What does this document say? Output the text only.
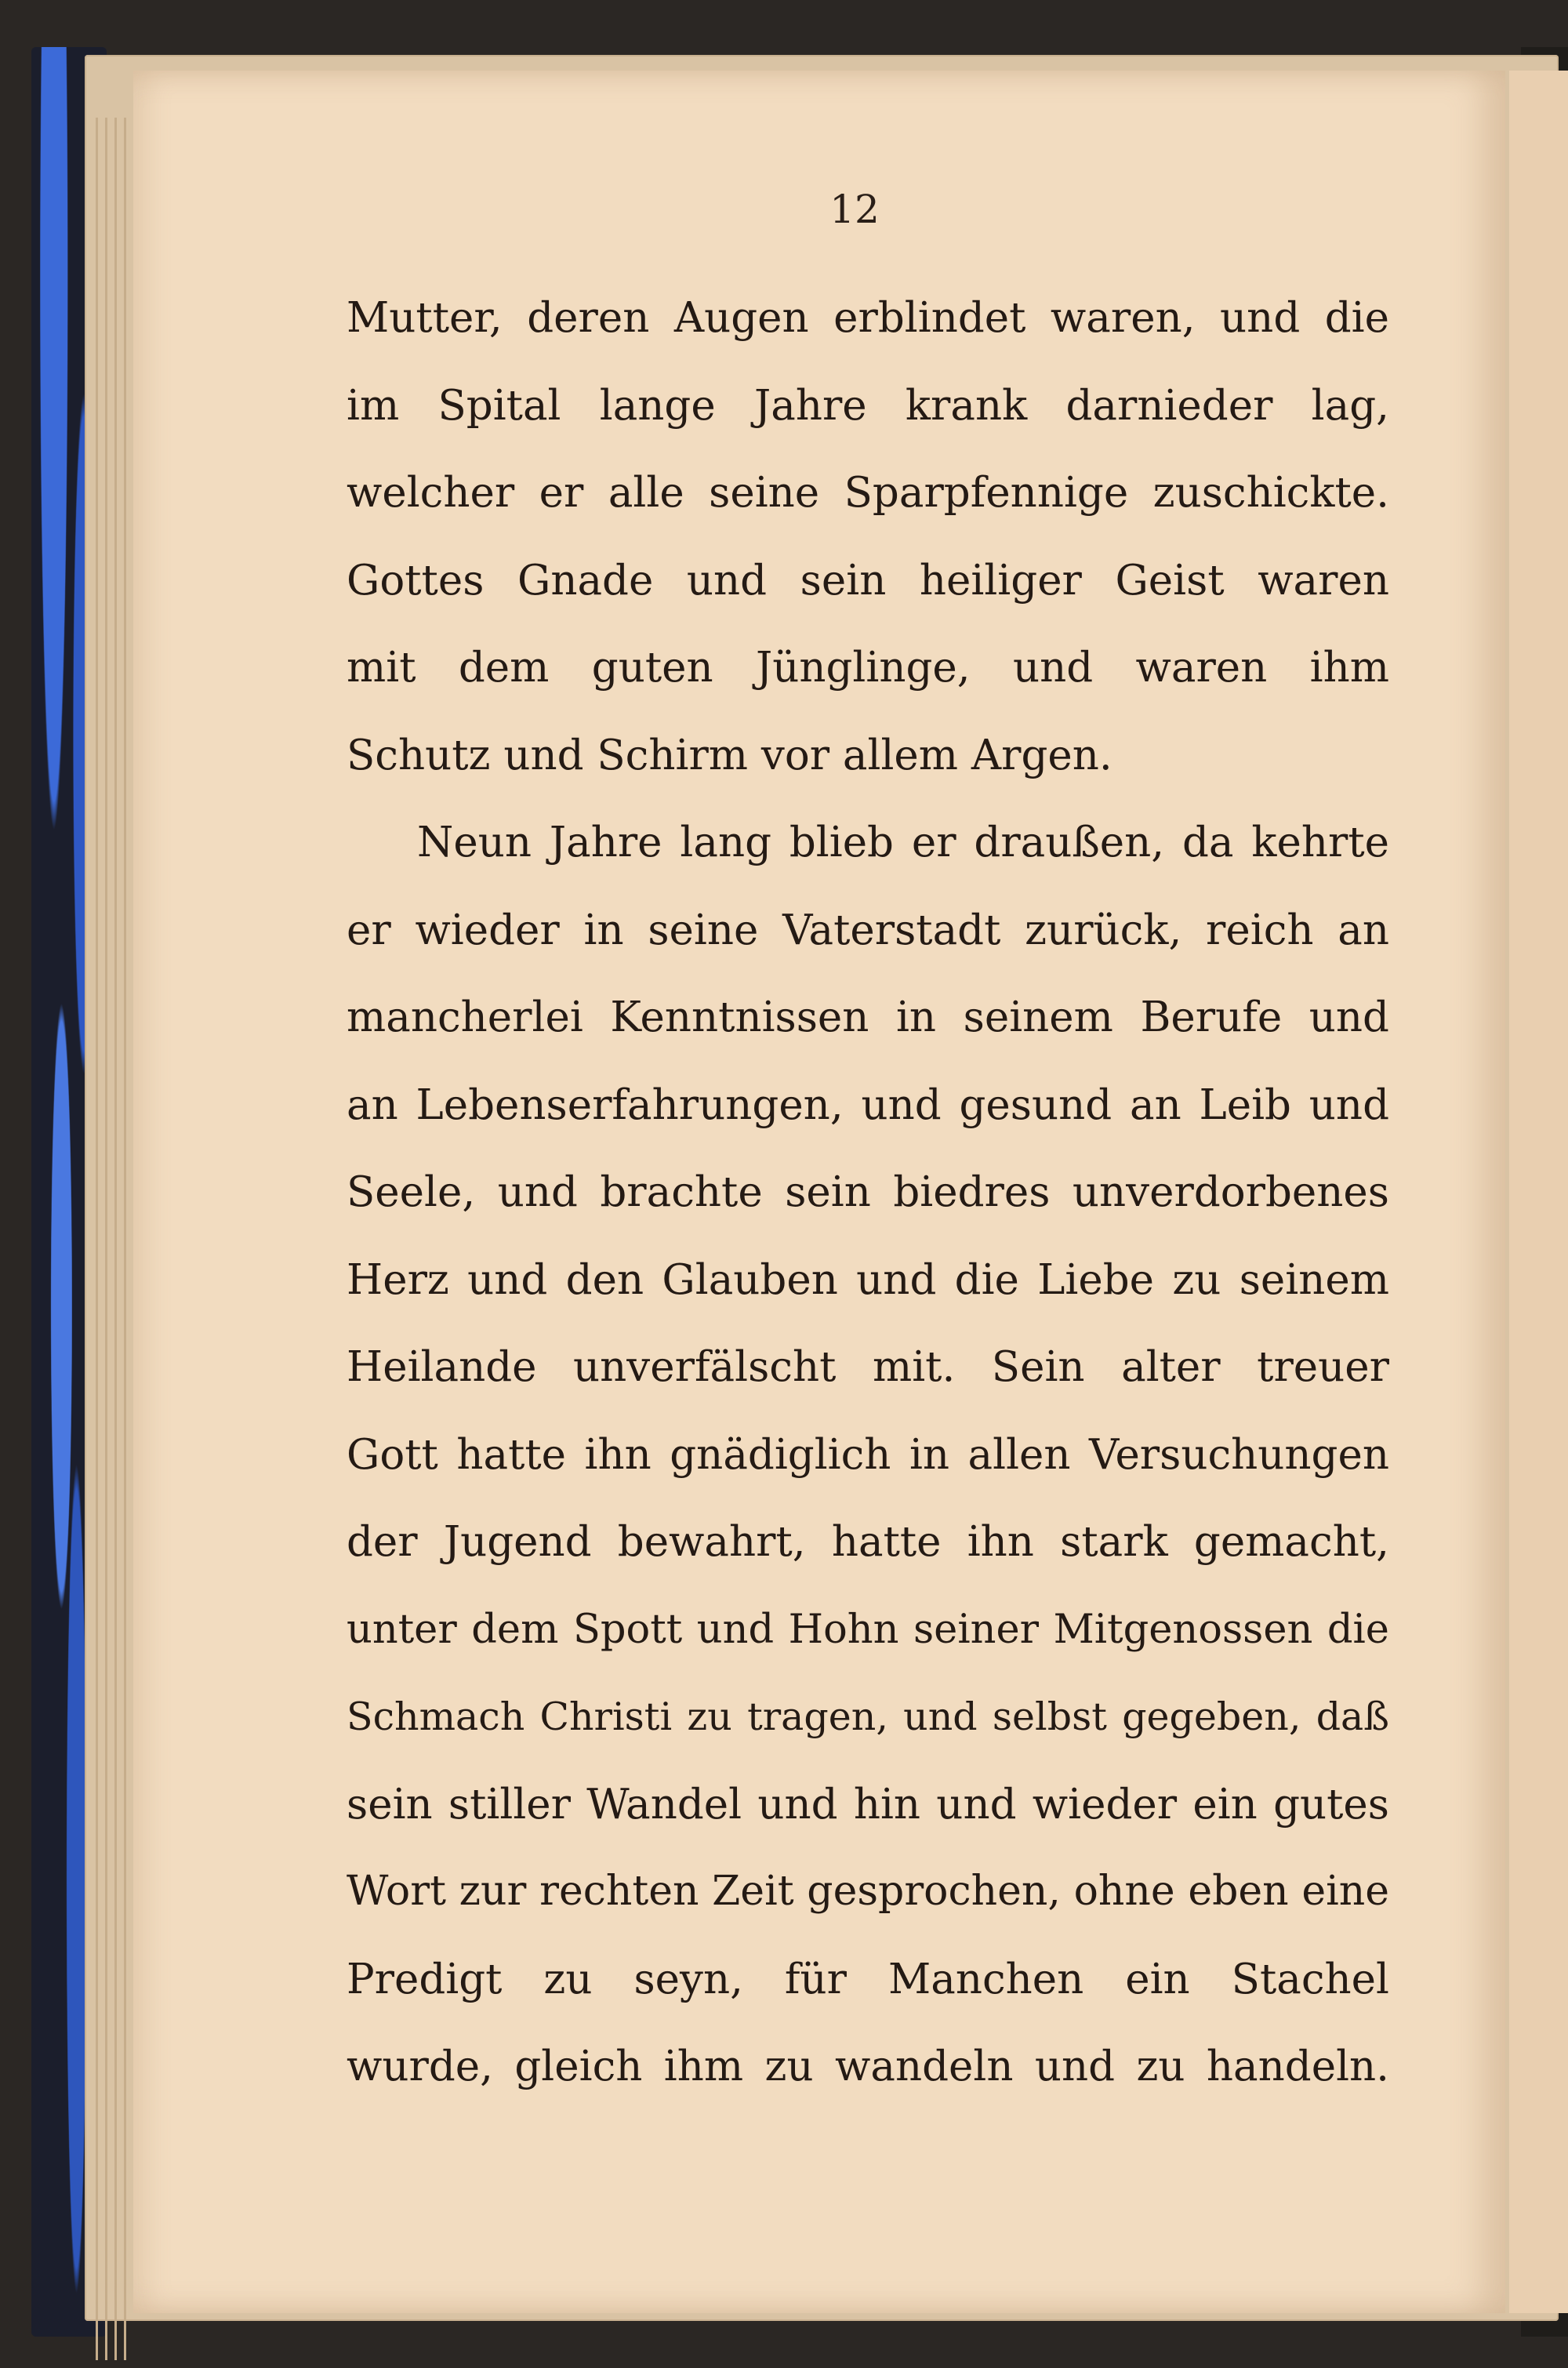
12
Mutter, deren Augen erblindet waren, und die
im Spital lange Jahre krank darnieder lag,
welcher er alle seine Sparpfennige zuschickte.
Gottes Gnade und sein heiliger Geist waren
mit dem guten Jünglinge, und waren ihm
Schutz und Schirm vor allem Argen.
Neun Jahre lang blieb er draußen, da kehrte
er wieder in seine Vaterstadt zurück, reich an
mancherlei Kenntnissen in seinem Berufe und
an Lebenserfahrungen, und gesund an Leib und
Seele, und brachte sein biedres unverdorbenes
Herz und den Glauben und die Liebe zu seinem
Heilande unverfälscht mit. Sein alter treuer
Gott hatte ihn gnädiglich in allen Versuchungen
der Jugend bewahrt, hatte ihn stark gemacht,
unter dem Spott und Hohn seiner Mitgenossen die
Schmach Christi zu tragen, und selbst gegeben, daß
sein stiller Wandel und hin und wieder ein gutes
Wort zur rechten Zeit gesprochen, ohne eben eine
Predigt zu seyn, für Manchen ein Stachel
wurde, gleich ihm zu wandeln und zu handeln.
